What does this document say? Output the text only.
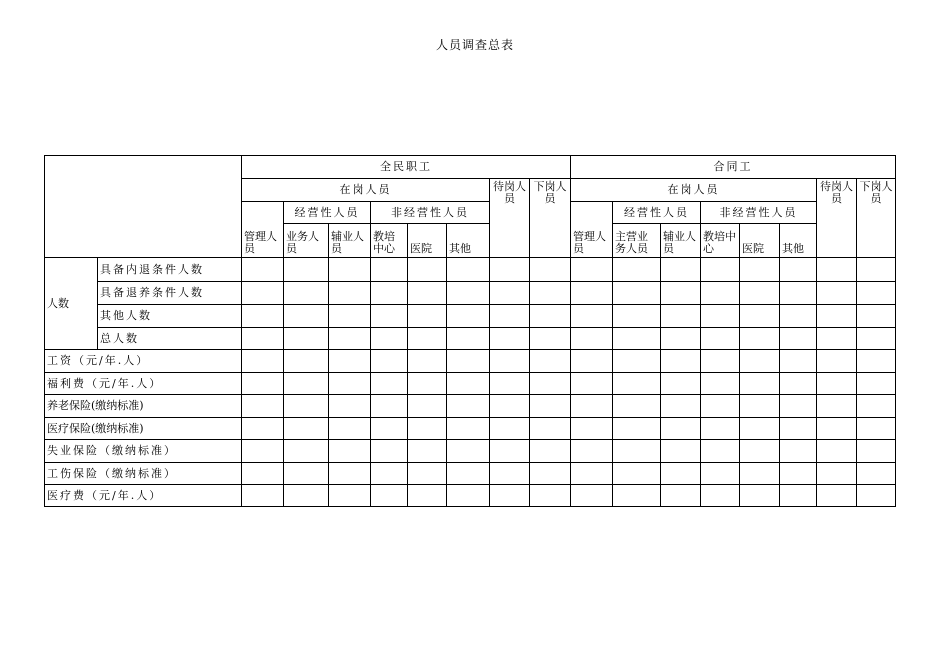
人员调查总表
		全民职工								合同工							
		在岗人员						待岗人员	下岗人员	在岗人员						待岗人员	下岗人员
		管理人员	经营性人员		非经营性人员					管理人员	经营性人员		非经营性人员				
			业务人员	辅业人员	教培中心	医院	其他				主营业务人员	辅业人员	教培中心	医院	其他		
人数	具备内退条件人数																
	具备退养条件人数																
	其他人数																
	总人数																
工资（元/年.人）																	
福利费（元/年.人）																	
养老保险(缴纳标准)																	
医疗保险(缴纳标准)																	
失业保险（缴纳标准）																	
工伤保险（缴纳标准）																	
医疗费（元/年.人）																	
